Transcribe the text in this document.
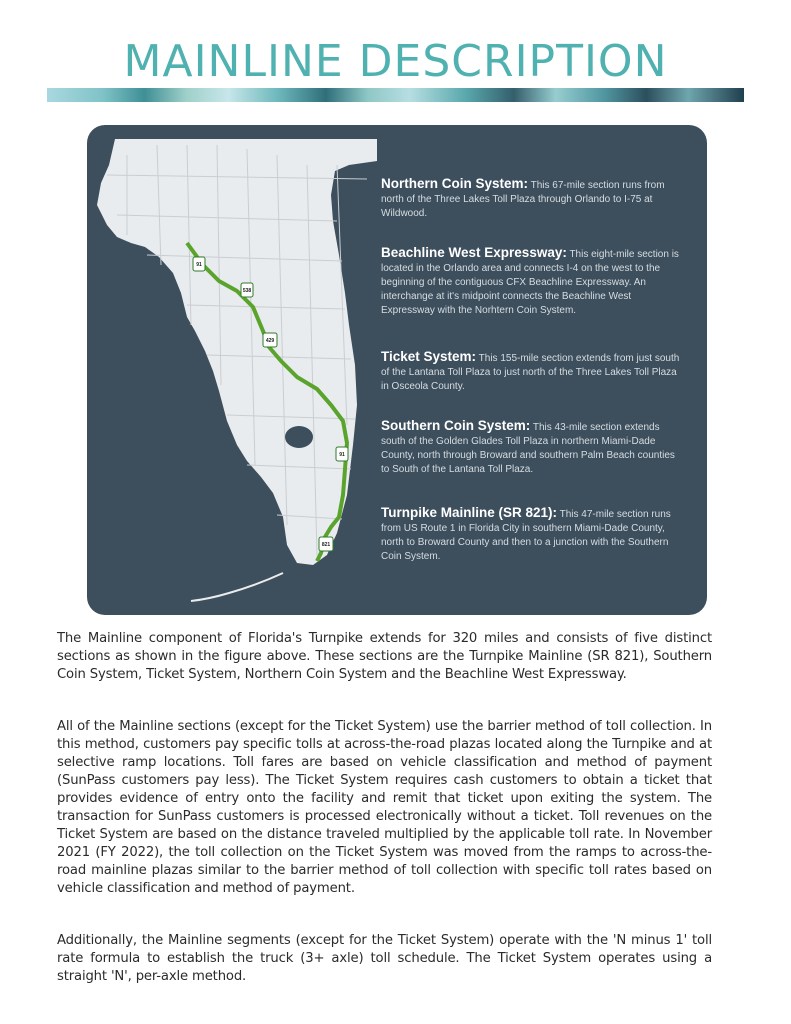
MAINLINE DESCRIPTION
91
538
429
91
821
Northern Coin System: This 67-mile section runs from north of the Three Lakes Toll Plaza through Orlando to I-75 at Wildwood.
Beachline West Expressway: This eight-mile section is located in the Orlando area and connects I-4 on the west to the beginning of the contiguous CFX Beachline Expressway. An interchange at it's midpoint connects the Beachline West Expressway with the Norhtern Coin System.
Ticket System: This 155-mile section extends from just south of the Lantana Toll Plaza to just north of the Three Lakes Toll Plaza in Osceola County.
Southern Coin System: This 43-mile section extends south of the Golden Glades Toll Plaza in northern Miami-Dade County, north through Broward and southern Palm Beach counties to South of the Lantana Toll Plaza.
Turnpike Mainline (SR 821): This 47-mile section runs from US Route 1 in Florida City in southern Miami-Dade County, north to Broward County and then to a junction with the Southern Coin System.

The Mainline component of Florida's Turnpike extends for 320 miles and consists of five distinct sections as shown in the figure above. These sections are the Turnpike Mainline (SR 821), Southern Coin System, Ticket System, Northern Coin System and the Beachline West Expressway.

All of the Mainline sections (except for the Ticket System) use the barrier method of toll collection. In this method, customers pay specific tolls at across-the-road plazas located along the Turnpike and at selective ramp locations. Toll fares are based on vehicle classification and method of payment (SunPass customers pay less). The Ticket System requires cash customers to obtain a ticket that provides evidence of entry onto the facility and remit that ticket upon exiting the system. The transaction for SunPass customers is processed electronically without a ticket. Toll revenues on the Ticket System are based on the distance traveled multiplied by the applicable toll rate. In November 2021 (FY 2022), the toll collection on the Ticket System was moved from the ramps to across-the-road mainline plazas similar to the barrier method of toll collection with specific toll rates based on vehicle classification and method of payment.

Additionally, the Mainline segments (except for the Ticket System) operate with the 'N minus 1' toll rate formula to establish the truck (3+ axle) toll schedule. The Ticket System operates using a straight 'N', per-axle method.
